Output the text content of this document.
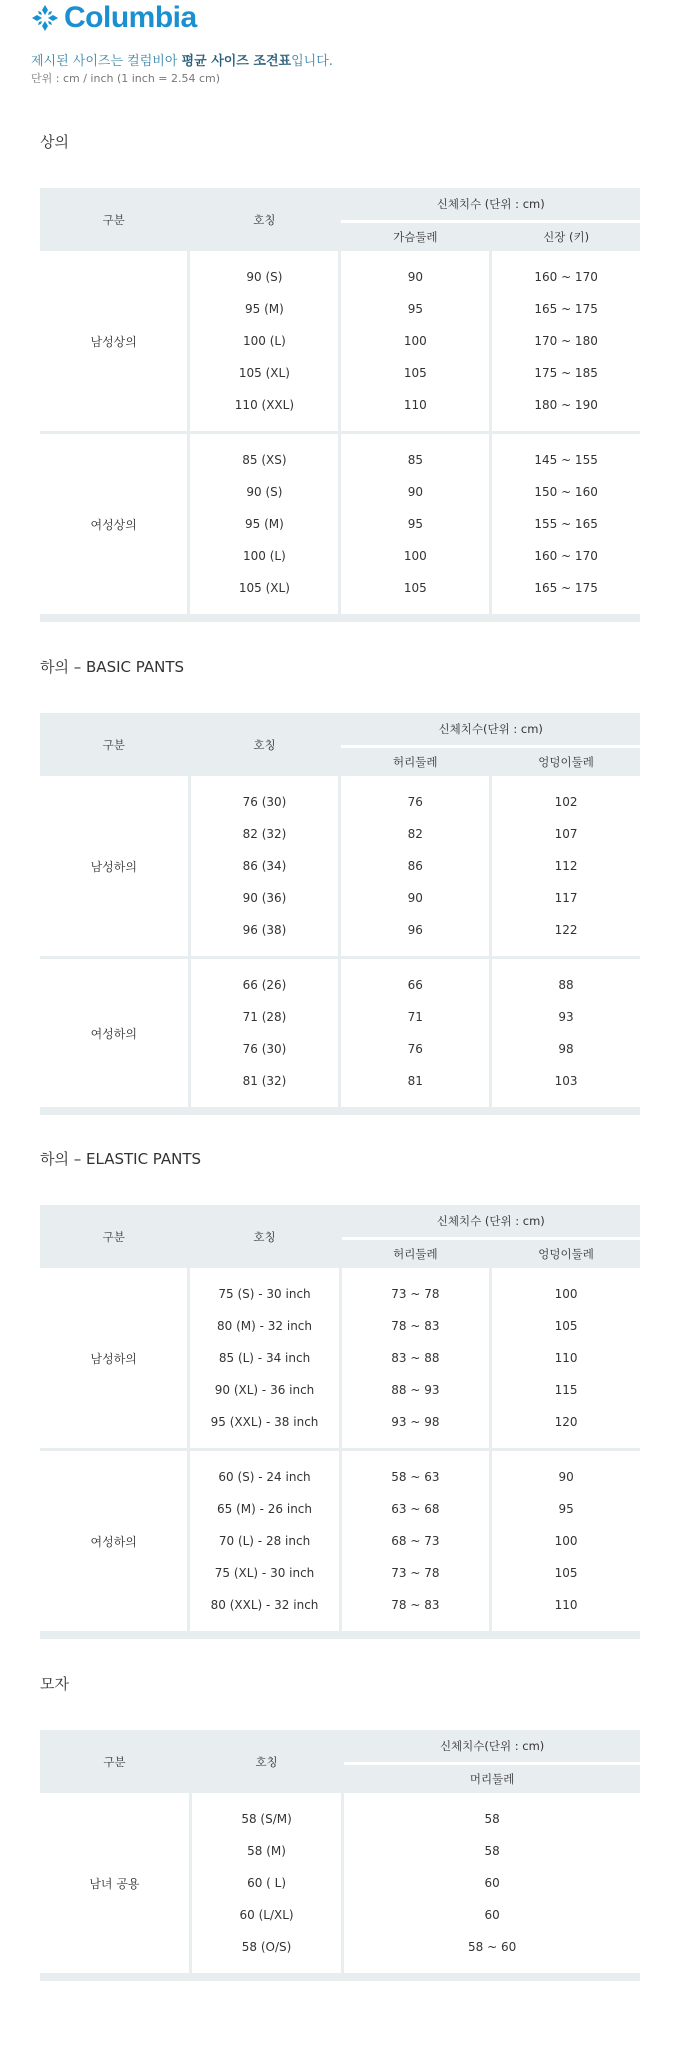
Columbia
제시된 사이즈는 컬럼비아 평균 사이즈 조견표입니다.
단위 : cm / inch (1 inch = 2.54 cm)
상의
구분	호칭	신체치수 (단위 : cm)	
		가슴둘레	신장 (키)

남성상의	90 (S)	90	160 ~ 170
	95 (M)	95	165 ~ 175
	100 (L)	100	170 ~ 180
	105 (XL)	105	175 ~ 185
	110 (XXL)	110	180 ~ 190

여성상의	85 (XS)	85	145 ~ 155
	90 (S)	90	150 ~ 160
	95 (M)	95	155 ~ 165
	100 (L)	100	160 ~ 170
	105 (XL)	105	165 ~ 175

하의 – BASIC PANTS
구분	호칭	신체치수(단위 : cm)	
		허리둘레	엉덩이둘레

남성하의	76 (30)	76	102
	82 (32)	82	107
	86 (34)	86	112
	90 (36)	90	117
	96 (38)	96	122

여성하의	66 (26)	66	88
	71 (28)	71	93
	76 (30)	76	98
	81 (32)	81	103

하의 – ELASTIC PANTS
구분	호칭	신체치수 (단위 : cm)	
		허리둘레	엉덩이둘레

남성하의	75 (S) - 30 inch	73 ~ 78	100
	80 (M) - 32 inch	78 ~ 83	105
	85 (L) - 34 inch	83 ~ 88	110
	90 (XL) - 36 inch	88 ~ 93	115
	95 (XXL) - 38 inch	93 ~ 98	120

여성하의	60 (S) - 24 inch	58 ~ 63	90
	65 (M) - 26 inch	63 ~ 68	95
	70 (L) - 28 inch	68 ~ 73	100
	75 (XL) - 30 inch	73 ~ 78	105
	80 (XXL) - 32 inch	78 ~ 83	110

모자
구분	호칭	신체치수(단위 : cm)
		머리둘레

남녀 공용	58 (S/M)	58
	58 (M)	58
	60 ( L)	60
	60 (L/XL)	60
	58 (O/S)	58 ~ 60
